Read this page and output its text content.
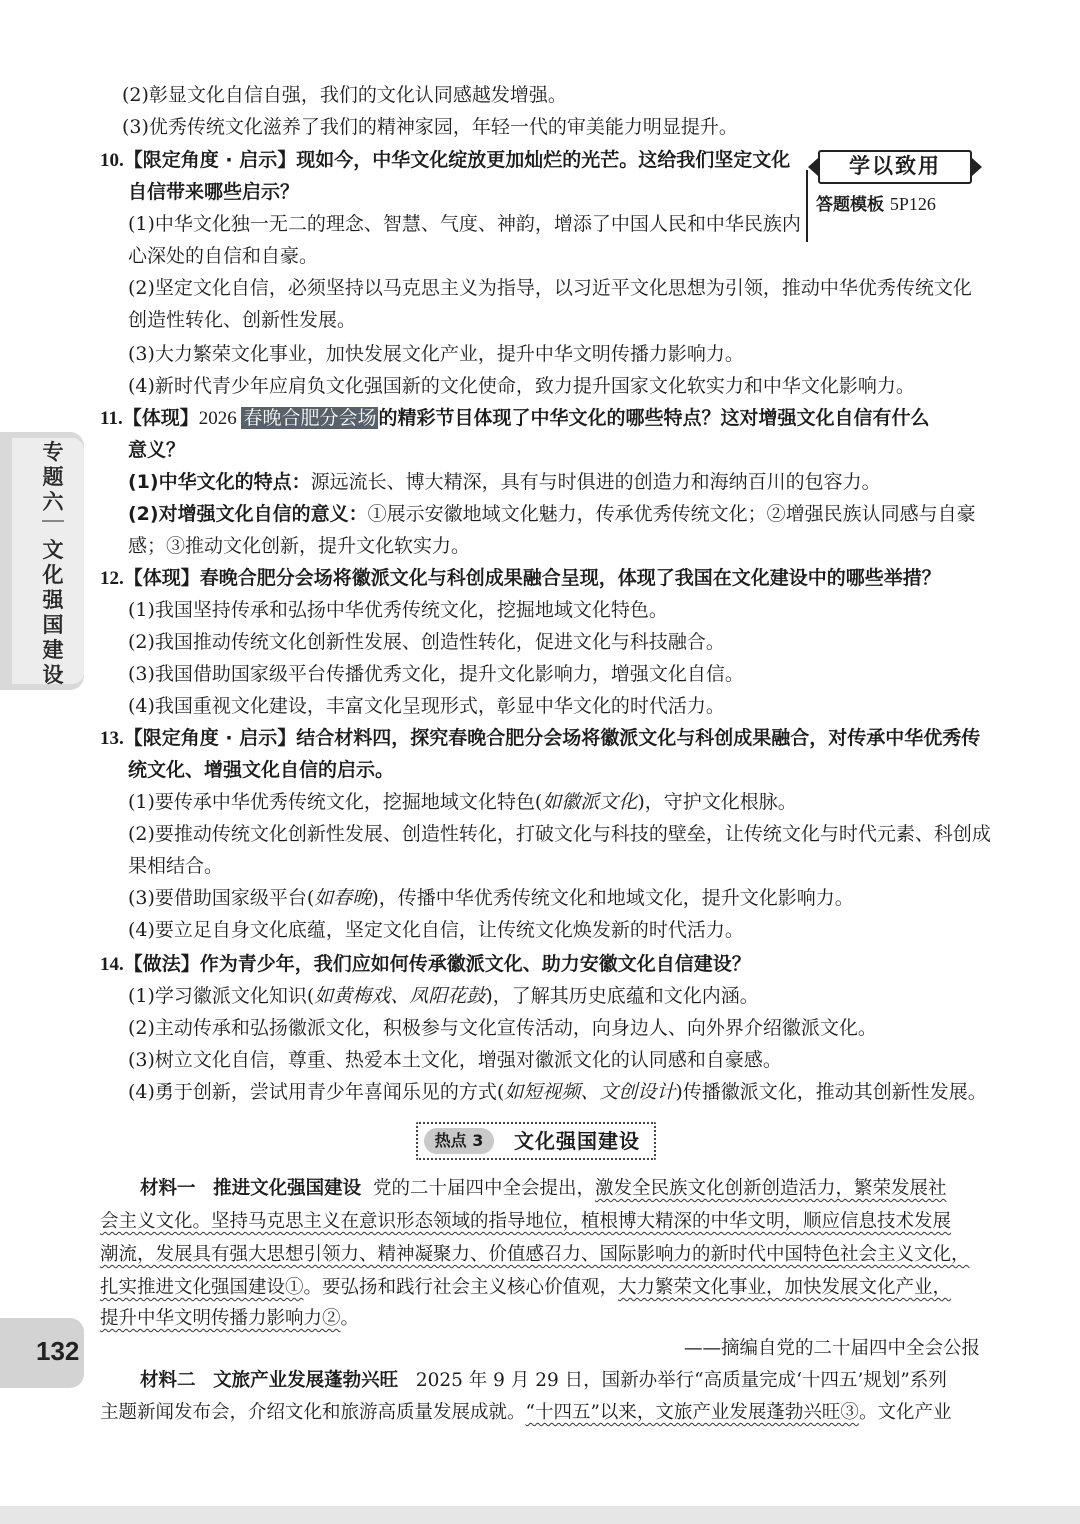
(2)彰显文化自信自强，我们的文化认同感越发增强。
(3)优秀传统文化滋养了我们的精神家园，年轻一代的审美能力明显提升。
学以致用
答题模板 5P126
10.【限定角度 · 启示】现如今，中华文化绽放更加灿烂的光芒。这给我们坚定文化
自信带来哪些启示？
(1)中华文化独一无二的理念、智慧、气度、神韵，增添了中国人民和中华民族内
心深处的自信和自豪。
(2)坚定文化自信，必须坚持以马克思主义为指导，以习近平文化思想为引领，推动中华优秀传统文化
创造性转化、创新性发展。
(3)大力繁荣文化事业，加快发展文化产业，提升中华文明传播力影响力。
(4)新时代青少年应肩负文化强国新的文化使命，致力提升国家文化软实力和中华文化影响力。
11.【体现】2026 春晚合肥分会场 的精彩节目体现了中华文化的哪些特点？这对增强文化自信有什么
意义？
(1)中华文化的特点：源远流长、博大精深，具有与时俱进的创造力和海纳百川的包容力。
(2)对增强文化自信的意义：①展示安徽地域文化魅力，传承优秀传统文化；②增强民族认同感与自豪
感；③推动文化创新，提升文化软实力。
12.【体现】春晚合肥分会场将徽派文化与科创成果融合呈现，体现了我国在文化建设中的哪些举措？
(1)我国坚持传承和弘扬中华优秀传统文化，挖掘地域文化特色。
(2)我国推动传统文化创新性发展、创造性转化，促进文化与科技融合。
(3)我国借助国家级平台传播优秀文化，提升文化影响力，增强文化自信。
(4)我国重视文化建设，丰富文化呈现形式，彰显中华文化的时代活力。
13.【限定角度 · 启示】结合材料四，探究春晚合肥分会场将徽派文化与科创成果融合，对传承中华优秀传
统文化、增强文化自信的启示。
(1)要传承中华优秀传统文化，挖掘地域文化特色(如徽派文化)，守护文化根脉。
(2)要推动传统文化创新性发展、创造性转化，打破文化与科技的壁垒，让传统文化与时代元素、科创成
果相结合。
(3)要借助国家级平台(如春晚)，传播中华优秀传统文化和地域文化，提升文化影响力。
(4)要立足自身文化底蕴，坚定文化自信，让传统文化焕发新的时代活力。
14.【做法】作为青少年，我们应如何传承徽派文化、助力安徽文化自信建设？
(1)学习徽派文化知识(如黄梅戏、凤阳花鼓)，了解其历史底蕴和文化内涵。
(2)主动传承和弘扬徽派文化，积极参与文化宣传活动，向身边人、向外界介绍徽派文化。
(3)树立文化自信，尊重、热爱本土文化，增强对徽派文化的认同感和自豪感。
(4)勇于创新，尝试用青少年喜闻乐见的方式(如短视频、文创设计)传播徽派文化，推动其创新性发展。
热点 3	文化强国建设
材料一 推进文化强国建设 党的二十届四中全会提出，激发全民族文化创新创造活力，繁荣发展社
会主义文化。坚持马克思主义在意识形态领域的指导地位，植根博大精深的中华文明，顺应信息技术发展
潮流，发展具有强大思想引领力、精神凝聚力、价值感召力、国际影响力的新时代中国特色社会主义文化，
扎实推进文化强国建设①。要弘扬和践行社会主义核心价值观，大力繁荣文化事业，加快发展文化产业，
提升中华文明传播力影响力②。
——摘编自党的二十届四中全会公报
材料二 文旅产业发展蓬勃兴旺 2025 年 9 月 29 日，国新办举行“高质量完成‘十四五’规划”系列
主题新闻发布会，介绍文化和旅游高质量发展成就。“十四五”以来，文旅产业发展蓬勃兴旺③。文化产业
专题六
文化强国建设
132
